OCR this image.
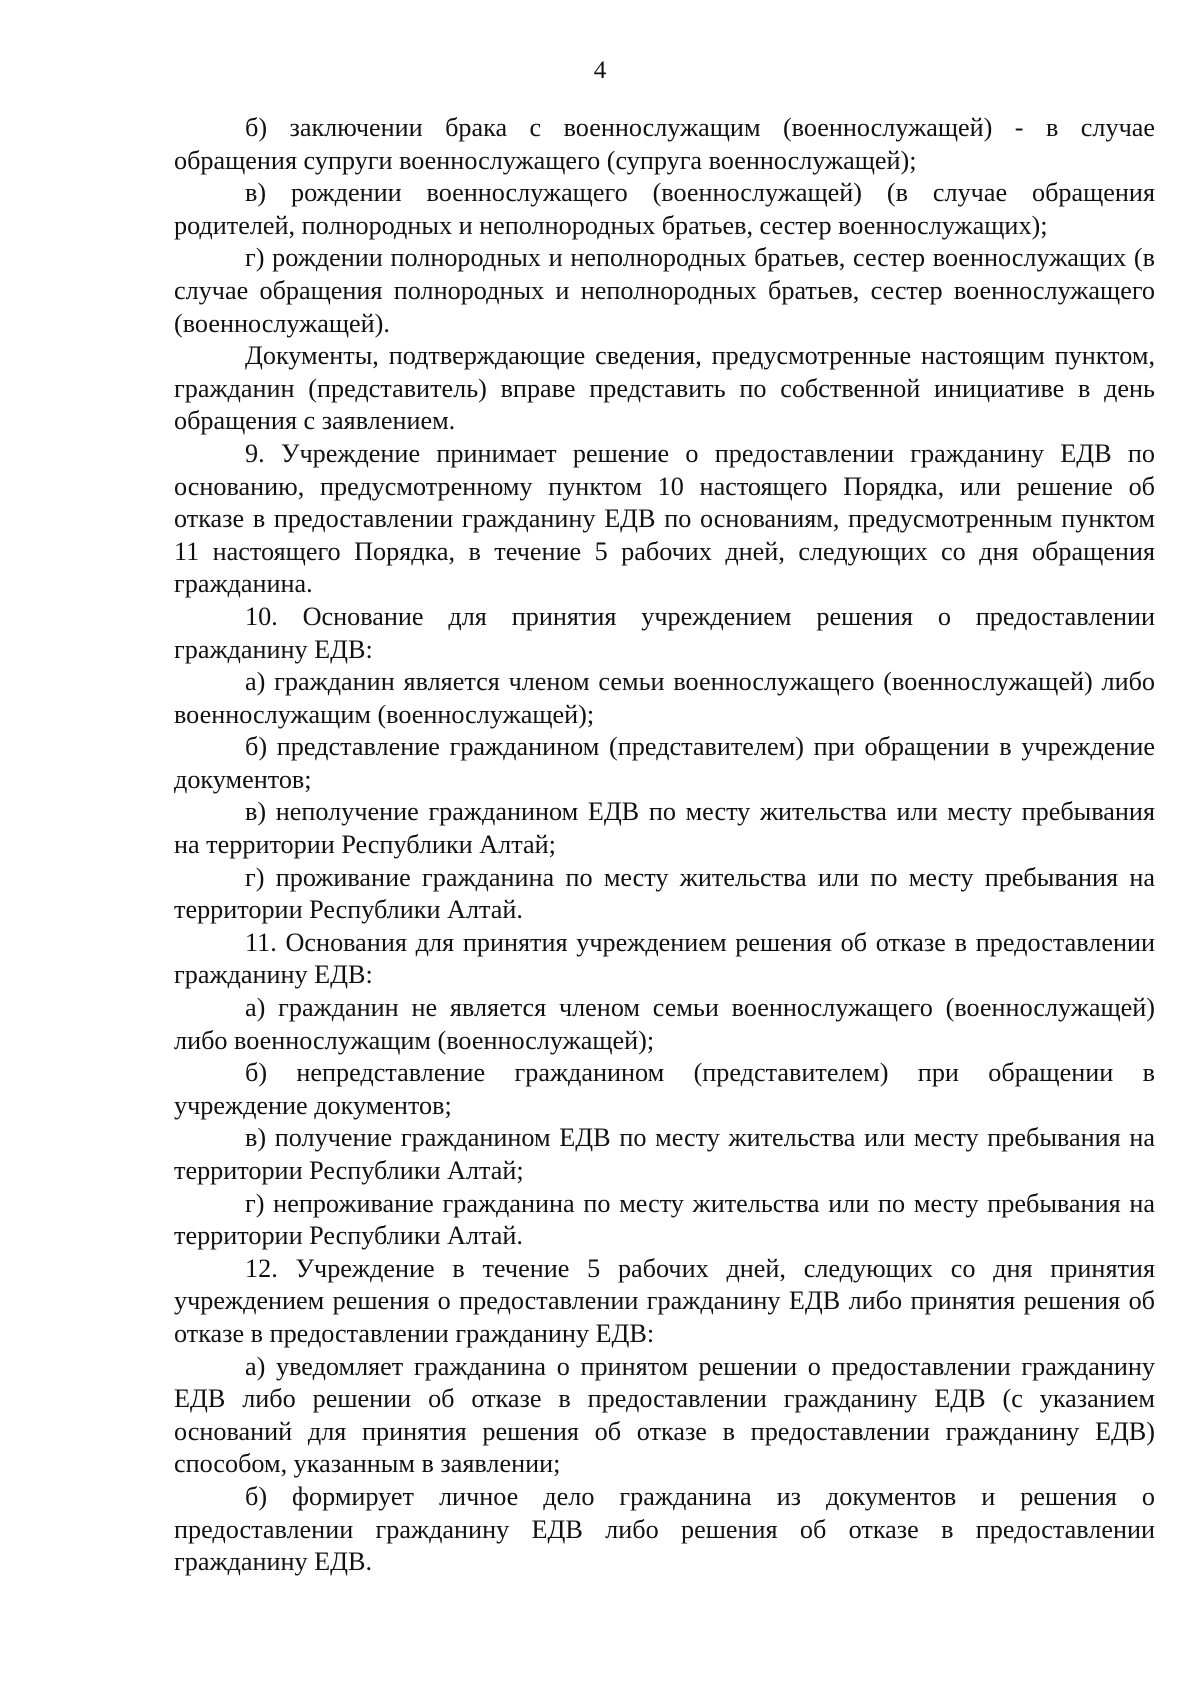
4

б) заключении брака с военнослужащим (военнослужащей) - в случае обращения супруги военнослужащего (супруга военнослужащей);

в) рождении военнослужащего (военнослужащей) (в случае обращения родителей, полнородных и неполнородных братьев, сестер военнослужащих);

г) рождении полнородных и неполнородных братьев, сестер военнослужащих (в случае обращения полнородных и неполнородных братьев, сестер военнослужащего (военнослужащей).

Документы, подтверждающие сведения, предусмотренные настоящим пунктом, гражданин (представитель) вправе представить по собственной инициативе в день обращения с заявлением.

9. Учреждение принимает решение о предоставлении гражданину ЕДВ по основанию, предусмотренному пунктом 10 настоящего Порядка, или решение об отказе в предоставлении гражданину ЕДВ по основаниям, предусмотренным пунктом 11 настоящего Порядка, в течение 5 рабочих дней, следующих со дня обращения гражданина.

10. Основание для принятия учреждением решения о предоставлении гражданину ЕДВ:

а) гражданин является членом семьи военнослужащего (военнослужащей) либо военнослужащим (военнослужащей);

б) представление гражданином (представителем) при обращении в учреждение документов;

в) неполучение гражданином ЕДВ по месту жительства или месту пребывания на территории Республики Алтай;

г) проживание гражданина по месту жительства или по месту пребывания на территории Республики Алтай.

11. Основания для принятия учреждением решения об отказе в предоставлении гражданину ЕДВ:

а) гражданин не является членом семьи военнослужащего (военнослужащей) либо военнослужащим (военнослужащей);

б) непредставление гражданином (представителем) при обращении в учреждение документов;

в) получение гражданином ЕДВ по месту жительства или месту пребывания на территории Республики Алтай;

г) непроживание гражданина по месту жительства или по месту пребывания на территории Республики Алтай.

12. Учреждение в течение 5 рабочих дней, следующих со дня принятия учреждением решения о предоставлении гражданину ЕДВ либо принятия решения об отказе в предоставлении гражданину ЕДВ:

а) уведомляет гражданина о принятом решении о предоставлении гражданину ЕДВ либо решении об отказе в предоставлении гражданину ЕДВ (с указанием оснований для принятия решения об отказе в предоставлении гражданину ЕДВ) способом, указанным в заявлении;

б) формирует личное дело гражданина из документов и решения о предоставлении гражданину ЕДВ либо решения об отказе в предоставлении гражданину ЕДВ.
